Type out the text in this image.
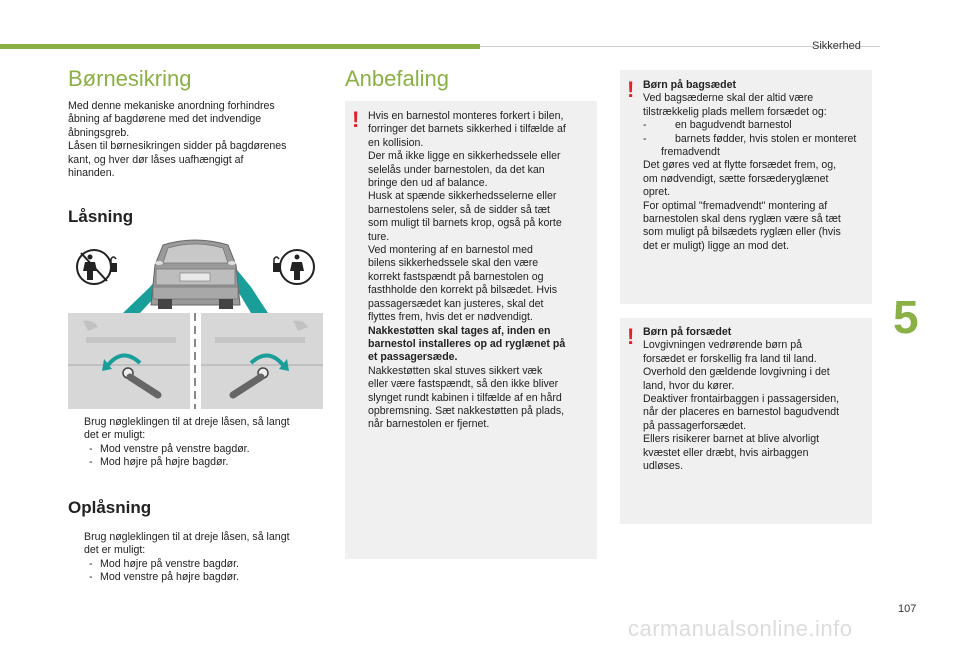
Sikkerhed
5
107
carmanualsonline.info
Børnesikring

Med denne mekaniske anordning forhindres

åbning af bagdørene med det indvendige

åbningsgreb.

Låsen til børnesikringen sidder på bagdørenes

kant, og hver dør låses uafhængigt af

hinanden.

Låsning

Brug nøgleklingen til at dreje låsen, så langt

det er muligt:

- Mod venstre på venstre bagdør.

- Mod højre på højre bagdør.

Oplåsning

Brug nøgleklingen til at dreje låsen, så langt

det er muligt:

- Mod højre på venstre bagdør.

- Mod venstre på højre bagdør.

Anbefaling
! Hvis en barnestol monteres forkert i bilen,

forringer det barnets sikkerhed i tilfælde af

en kollision.

Der må ikke ligge en sikkerhedssele eller

selelås under barnestolen, da det kan

bringe den ud af balance.

Husk at spænde sikkerhedsselerne eller

barnestolens seler, så de sidder så tæt

som muligt til barnets krop, også på korte

ture.

Ved montering af en barnestol med

bilens sikkerhedssele skal den være

korrekt fastspændt på barnestolen og

fasthholde den korrekt på bilsædet. Hvis

passagersædet kan justeres, skal det

flyttes frem, hvis det er nødvendigt.

Nakkestøtten skal tages af, inden en

barnestol installeres op ad ryglænet på

et passagersæde.

Nakkestøtten skal stuves sikkert væk

eller være fastspændt, så den ikke bliver

slynget rundt kabinen i tilfælde af en hård

opbremsning. Sæt nakkestøtten på plads,

når barnestolen er fjernet.

! Børn på bagsædet

Ved bagsæderne skal der altid være

tilstrækkelig plads mellem forsædet og:

-	en bagudvendt barnestol

-	barnets fødder, hvis stolen er monteret

fremadvendt

Det gøres ved at flytte forsædet frem, og,

om nødvendigt, sætte forsæderyglænet

opret.

For optimal "fremadvendt" montering af

barnestolen skal dens ryglæn være så tæt

som muligt på bilsædets ryglæn eller (hvis

det er muligt) ligge an mod det.

! Børn på forsædet

Lovgivningen vedrørende børn på

forsædet er forskellig fra land til land.

Overhold den gældende lovgivning i det

land, hvor du kører.

Deaktiver frontairbaggen i passagersiden,

når der placeres en barnestol bagudvendt

på passagerforsædet.

Ellers risikerer barnet at blive alvorligt

kvæstet eller dræbt, hvis airbaggen

udløses.
